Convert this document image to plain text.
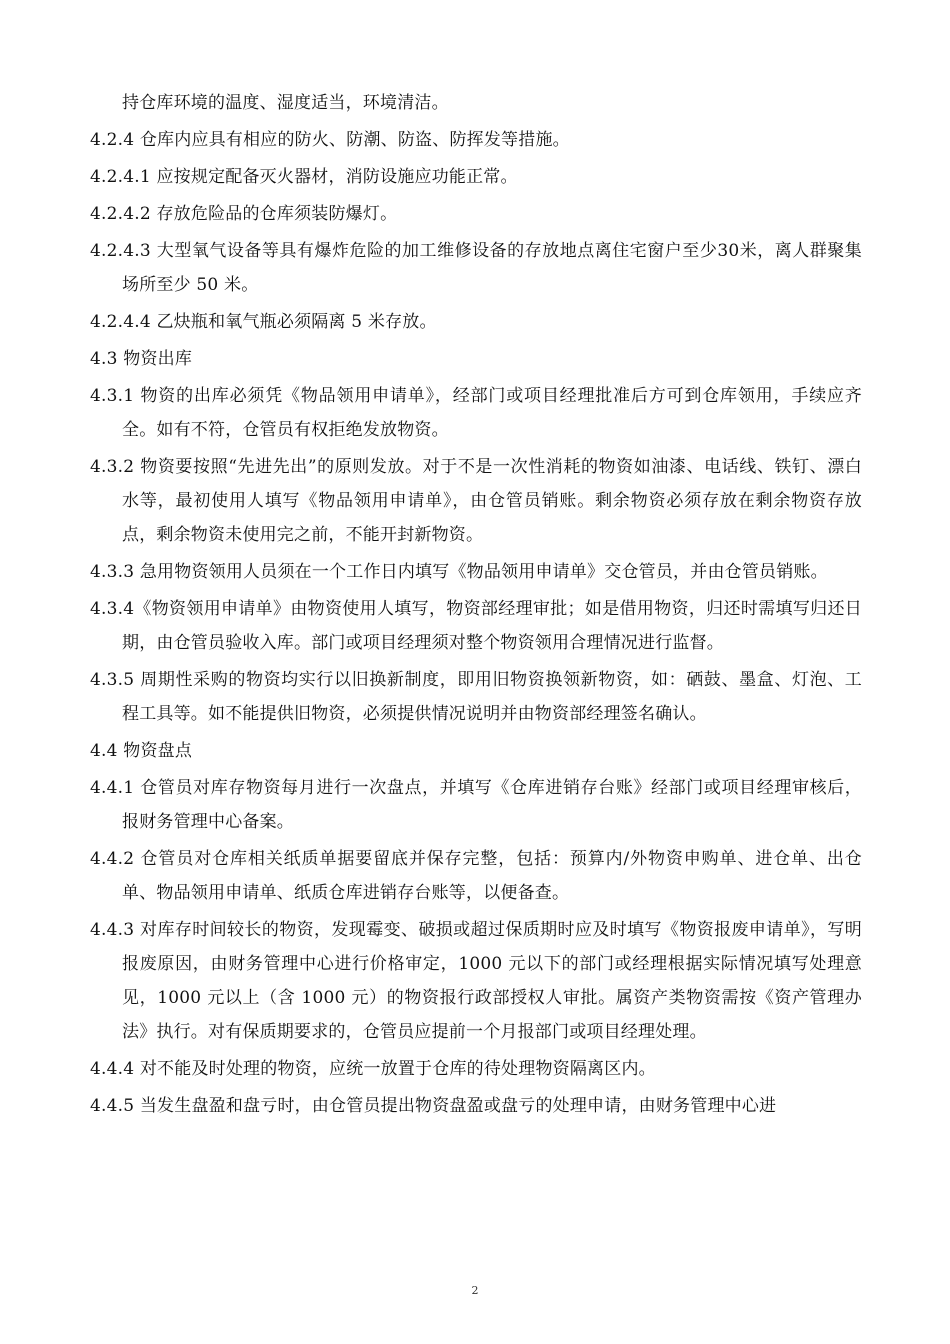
持仓库环境的温度、湿度适当，环境清洁。

4.2.4 仓库内应具有相应的防火、防潮、防盗、防挥发等措施。

4.2.4.1 应按规定配备灭火器材，消防设施应功能正常。

4.2.4.2 存放危险品的仓库须装防爆灯。

4.2.4.3 大型氧气设备等具有爆炸危险的加工维修设备的存放地点离住宅窗户至少30米，离人群聚集场所至少 50 米。

4.2.4.4 乙炔瓶和氧气瓶必须隔离 5 米存放。

4.3 物资出库

4.3.1 物资的出库必须凭《物品领用申请单》，经部门或项目经理批准后方可到仓库领用，手续应齐全。如有不符，仓管员有权拒绝发放物资。

4.3.2 物资要按照“先进先出”的原则发放。对于不是一次性消耗的物资如油漆、电话线、铁钉、漂白水等，最初使用人填写《物品领用申请单》，由仓管员销账。剩余物资必须存放在剩余物资存放点，剩余物资未使用完之前，不能开封新物资。

4.3.3 急用物资领用人员须在一个工作日内填写《物品领用申请单》交仓管员，并由仓管员销账。

4.3.4《物资领用申请单》由物资使用人填写，物资部经理审批；如是借用物资，归还时需填写归还日期，由仓管员验收入库。部门或项目经理须对整个物资领用合理情况进行监督。

4.3.5 周期性采购的物资均实行以旧换新制度，即用旧物资换领新物资，如：硒鼓、墨盒、灯泡、工程工具等。如不能提供旧物资，必须提供情况说明并由物资部经理签名确认。

4.4 物资盘点

4.4.1 仓管员对库存物资每月进行一次盘点，并填写《仓库进销存台账》经部门或项目经理审核后，报财务管理中心备案。

4.4.2 仓管员对仓库相关纸质单据要留底并保存完整，包括：预算内/外物资申购单、进仓单、出仓单、物品领用申请单、纸质仓库进销存台账等，以便备查。

4.4.3 对库存时间较长的物资，发现霉变、破损或超过保质期时应及时填写《物资报废申请单》，写明报废原因，由财务管理中心进行价格审定，1000 元以下的部门或经理根据实际情况填写处理意见，1000 元以上（含 1000 元）的物资报行政部授权人审批。属资产类物资需按《资产管理办法》执行。对有保质期要求的，仓管员应提前一个月报部门或项目经理处理。

4.4.4 对不能及时处理的物资，应统一放置于仓库的待处理物资隔离区内。

4.4.5 当发生盘盈和盘亏时，由仓管员提出物资盘盈或盘亏的处理申请，由财务管理中心进

2
